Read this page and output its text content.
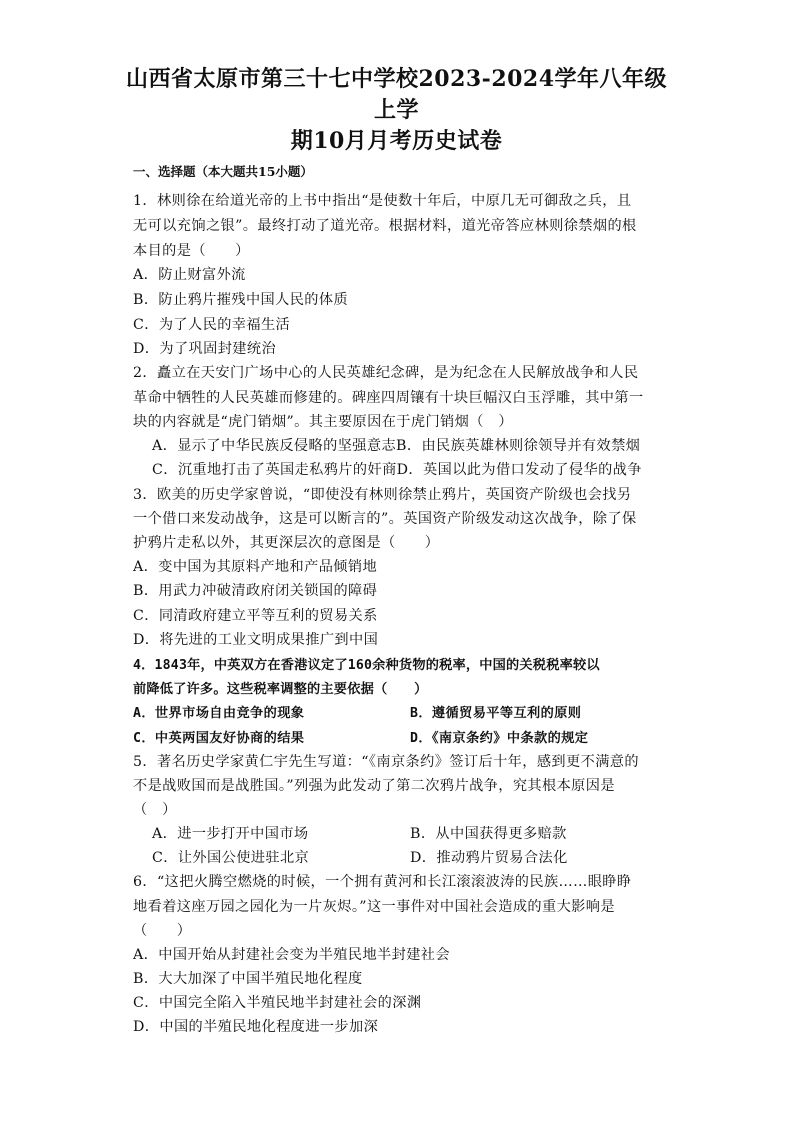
山西省太原市第三十七中学校2023-2024学年八年级上学
期10月月考历史试卷
一、选择题（本大题共15小题）
1．林则徐在给道光帝的上书中指出“是使数十年后，中原几无可御敌之兵，且
无可以充饷之银”。最终打动了道光帝。根据材料，道光帝答应林则徐禁烟的根
本目的是（　　）
A．防止财富外流
B．防止鸦片摧残中国人民的体质
C．为了人民的幸福生活
D．为了巩固封建统治
2．矗立在天安门广场中心的人民英雄纪念碑，是为纪念在人民解放战争和人民
革命中牺牲的人民英雄而修建的。碑座四周镶有十块巨幅汉白玉浮雕，其中第一
块的内容就是“虎门销烟”。其主要原因在于虎门销烟（　）
A．显示了中华民族反侵略的坚强意志B．由民族英雄林则徐领导并有效禁烟
C．沉重地打击了英国走私鸦片的奸商D．英国以此为借口发动了侵华的战争
3．欧美的历史学家曾说，“即使没有林则徐禁止鸦片，英国资产阶级也会找另
一个借口来发动战争，这是可以断言的”。英国资产阶级发动这次战争，除了保
护鸦片走私以外，其更深层次的意图是（　　）
A．变中国为其原料产地和产品倾销地
B．用武力冲破清政府闭关锁国的障碍
C．同清政府建立平等互利的贸易关系
D．将先进的工业文明成果推广到中国
4．1843年，中英双方在香港议定了160余种货物的税率，中国的关税税率较以
前降低了许多。这些税率调整的主要依据（　　）
A．世界市场自由竞争的现象	B．遵循贸易平等互利的原则
C．中英两国友好协商的结果	D．《南京条约》中条款的规定
5．著名历史学家黄仁宇先生写道：“《南京条约》签订后十年，感到更不满意的
不是战败国而是战胜国。”列强为此发动了第二次鸦片战争，究其根本原因是
（　）
A．进一步打开中国市场	B．从中国获得更多赔款
C．让外国公使进驻北京	D．推动鸦片贸易合法化
6．“这把火腾空燃烧的时候，一个拥有黄河和长江滚滚波涛的民族……眼睁睁
地看着这座万园之园化为一片灰烬。”这一事件对中国社会造成的重大影响是
（　　）
A．中国开始从封建社会变为半殖民地半封建社会
B．大大加深了中国半殖民地化程度
C．中国完全陷入半殖民地半封建社会的深渊
D．中国的半殖民地化程度进一步加深
